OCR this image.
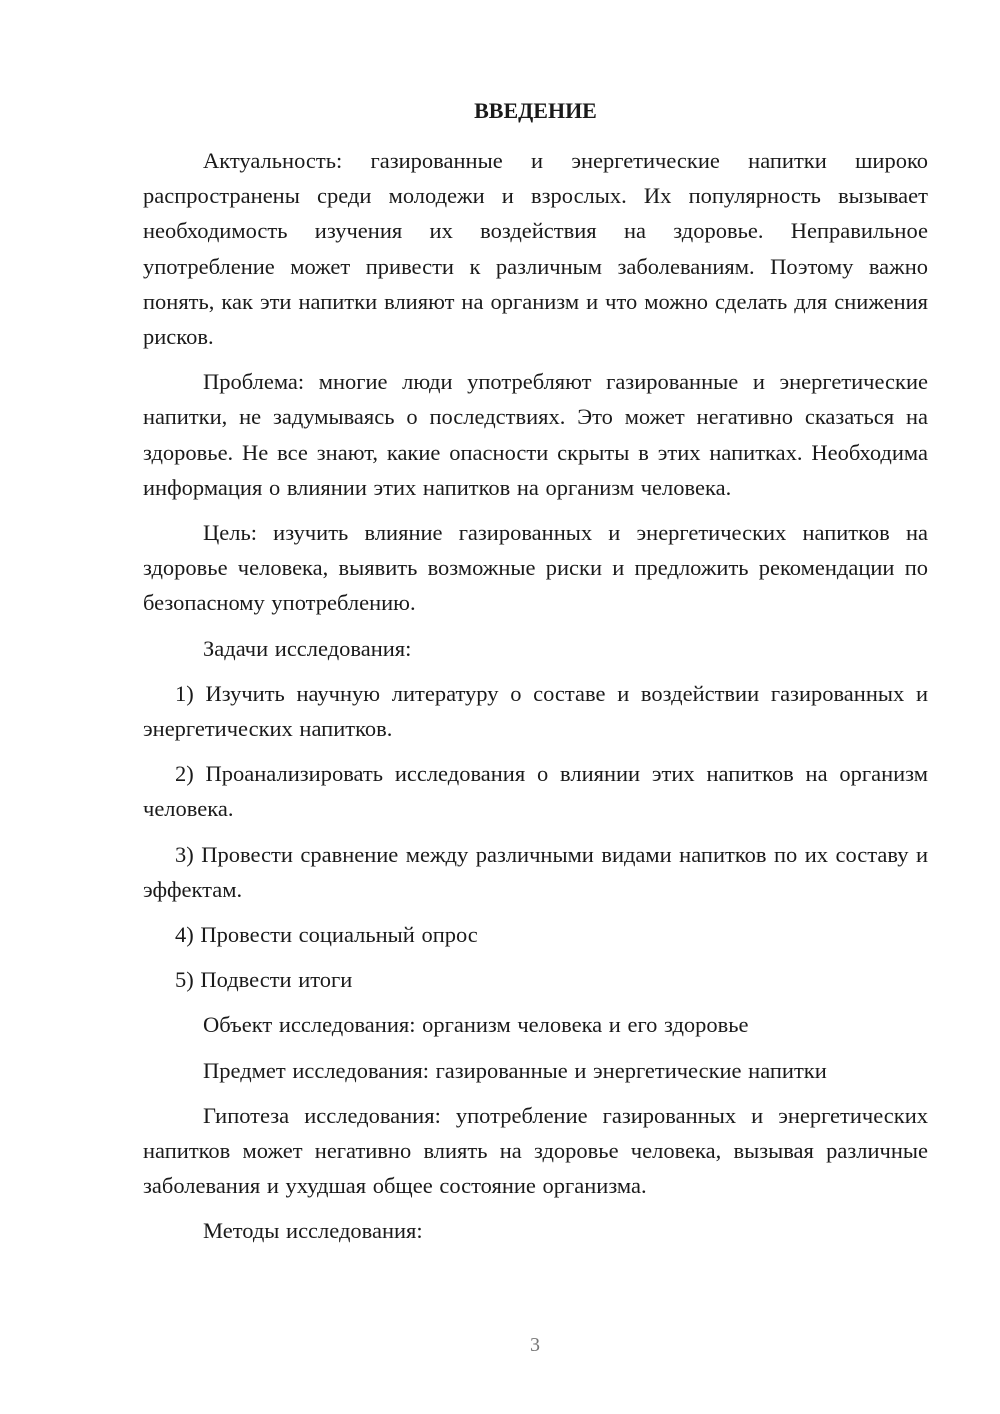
ВВЕДЕНИЕ

Актуальность: газированные и энергетические напитки широко распространены среди молодежи и взрослых. Их популярность вызывает необходимость изучения их воздействия на здоровье. Неправильное употребление может привести к различным заболеваниям. Поэтому важно понять, как эти напитки влияют на организм и что можно сделать для снижения рисков.

Проблема: многие люди употребляют газированные и энергетические напитки, не задумываясь о последствиях. Это может негативно сказаться на здоровье. Не все знают, какие опасности скрыты в этих напитках. Необходима информация о влиянии этих напитков на организм человека.

Цель: изучить влияние газированных и энергетических напитков на здоровье человека, выявить возможные риски и предложить рекомендации по безопасному употреблению.

Задачи исследования:

1) Изучить научную литературу о составе и воздействии газированных и энергетических напитков.

2) Проанализировать исследования о влиянии этих напитков на организм человека.

3) Провести сравнение между различными видами напитков по их составу и эффектам.

4) Провести социальный опрос

5) Подвести итоги

Объект исследования: организм человека и его здоровье

Предмет исследования: газированные и энергетические напитки

Гипотеза исследования: употребление газированных и энергетических напитков может негативно влиять на здоровье человека, вызывая различные заболевания и ухудшая общее состояние организма.

Методы исследования:

3
